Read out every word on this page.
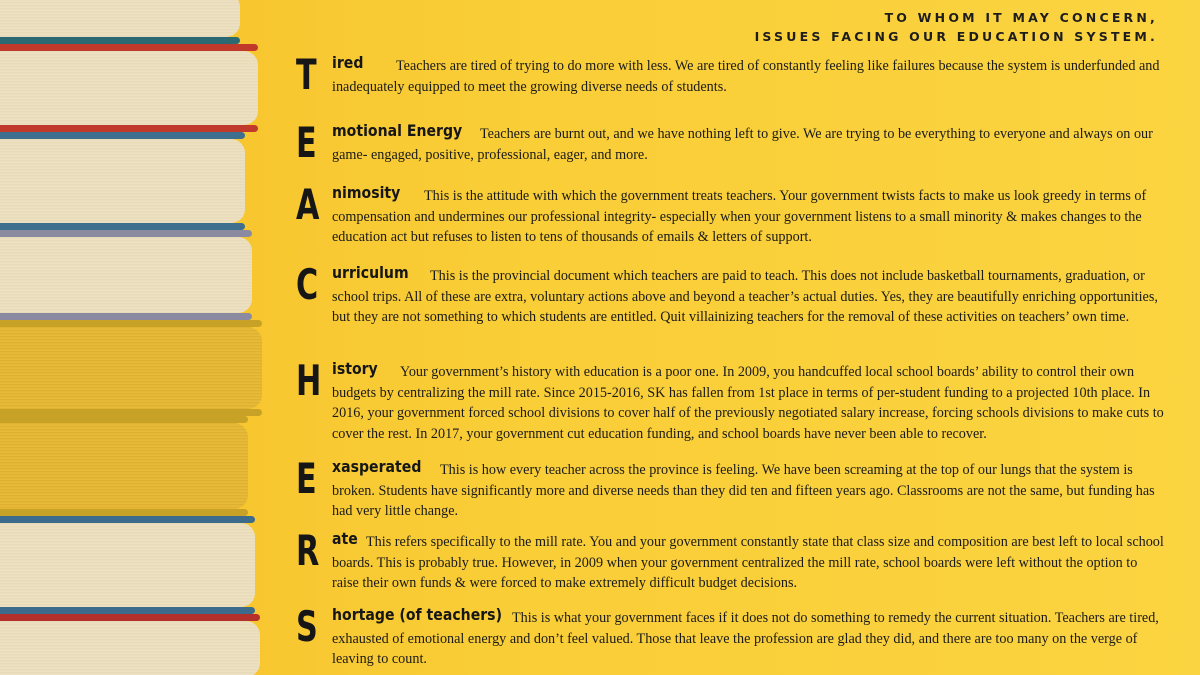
TO WHOM IT MAY CONCERN,
ISSUES FACING OUR EDUCATION SYSTEM.
T	Teachers are tired of trying to do more with less. We are tired of constantly feeling like failures because the system is underfunded and inadequately equipped to meet the growing diverse needs of students.
ired
E	Teachers are burnt out, and we have nothing left to give. We are trying to be everything to everyone and always on our game- engaged, positive, professional, eager, and more.
motional Energy
A	This is the attitude with which the government treats teachers. Your government twists facts to make us look greedy in terms of compensation and undermines our professional integrity- especially when your government listens to a small minority & makes changes to the education act but refuses to listen to tens of thousands of emails & letters of support.
nimosity
C	This is the provincial document which teachers are paid to teach. This does not include basketball tournaments, graduation, or school trips. All of these are extra, voluntary actions above and beyond a teacher’s actual duties. Yes, they are beautifully enriching opportunities, but they are not something to which students are entitled. Quit villainizing teachers for the removal of these activities on teachers’ own time.
urriculum
H	Your government’s history with education is a poor one. In 2009, you handcuffed local school boards’ ability to control their own budgets by centralizing the mill rate. Since 2015-2016, SK has fallen from 1st place in terms of per-student funding to a projected 10th place. In 2016, your government forced school divisions to cover half of the previously negotiated salary increase, forcing schools divisions to make cuts to cover the rest. In 2017, your government cut education funding, and school boards have never been able to recover.
istory
E	This is how every teacher across the province is feeling. We have been screaming at the top of our lungs that the system is broken. Students have significantly more and diverse needs than they did ten and fifteen years ago. Classrooms are not the same, but funding has had very little change.
xasperated
R	This refers specifically to the mill rate. You and your government constantly state that class size and composition are best left to local school boards. This is probably true. However, in 2009 when your government centralized the mill rate, school boards were left without the option to raise their own funds & were forced to make extremely difficult budget decisions.
ate
S	This is what your government faces if it does not do something to remedy the current situation. Teachers are tired, exhausted of emotional energy and don’t feel valued. Those that leave the profession are glad they did, and there are too many on the verge of leaving to count.
hortage (of teachers)
